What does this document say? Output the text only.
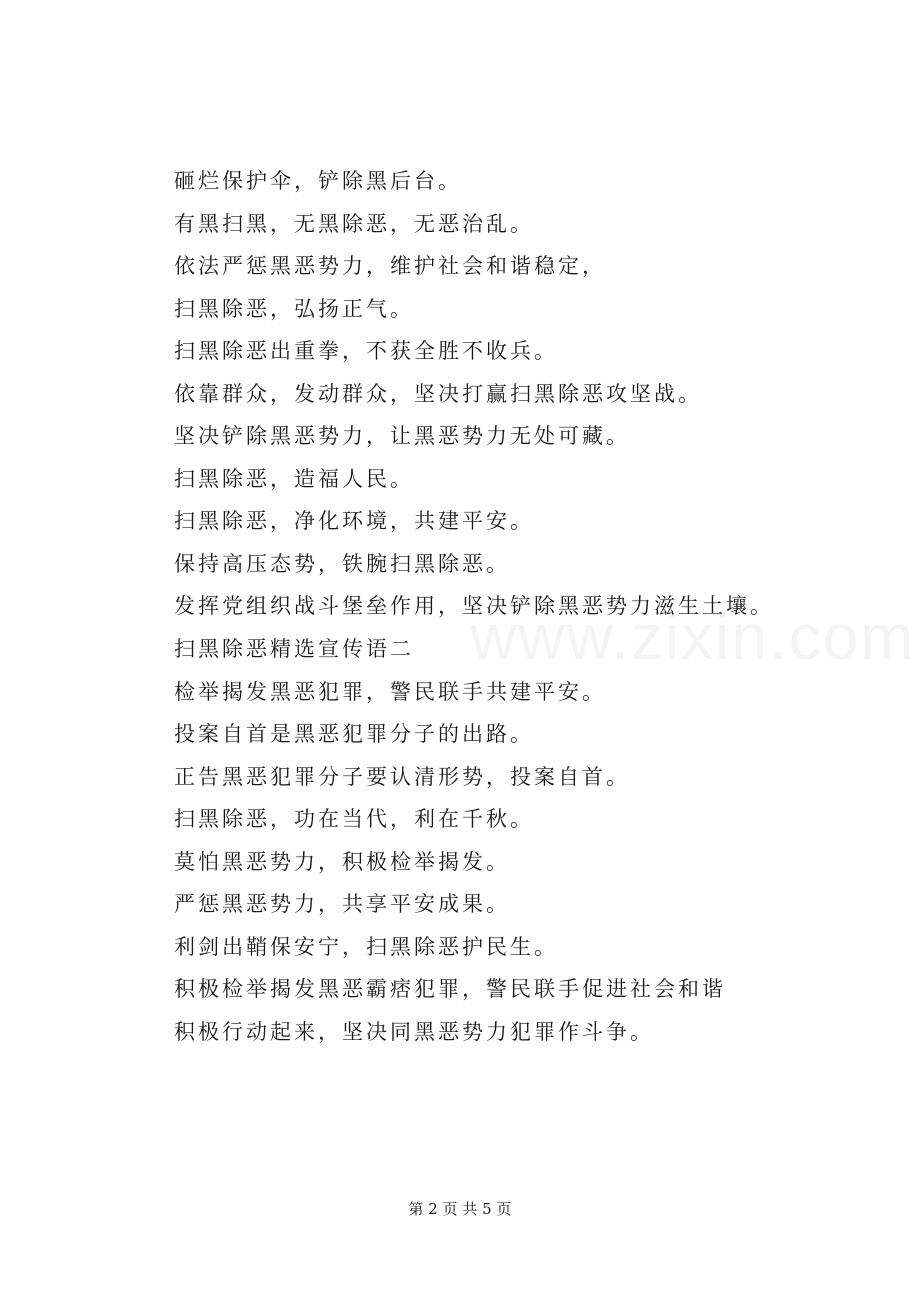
砸烂保护伞，铲除黑后台。
有黑扫黑，无黑除恶，无恶治乱。
依法严惩黑恶势力，维护社会和谐稳定，
扫黑除恶，弘扬正气。
扫黑除恶出重拳，不获全胜不收兵。
依靠群众，发动群众，坚决打赢扫黑除恶攻坚战。
坚决铲除黑恶势力，让黑恶势力无处可藏。
扫黑除恶，造福人民。
扫黑除恶，净化环境，共建平安。
保持高压态势，铁腕扫黑除恶。
发挥党组织战斗堡垒作用，坚决铲除黑恶势力滋生土壤。
扫黑除恶精选宣传语二
检举揭发黑恶犯罪，警民联手共建平安。
投案自首是黑恶犯罪分子的出路。
正告黑恶犯罪分子要认清形势，投案自首。
扫黑除恶，功在当代，利在千秋。
莫怕黑恶势力，积极检举揭发。
严惩黑恶势力，共享平安成果。
利剑出鞘保安宁，扫黑除恶护民生。
积极检举揭发黑恶霸痞犯罪，警民联手促进社会和谐
积极行动起来，坚决同黑恶势力犯罪作斗争。
第 2 页 共 5 页
